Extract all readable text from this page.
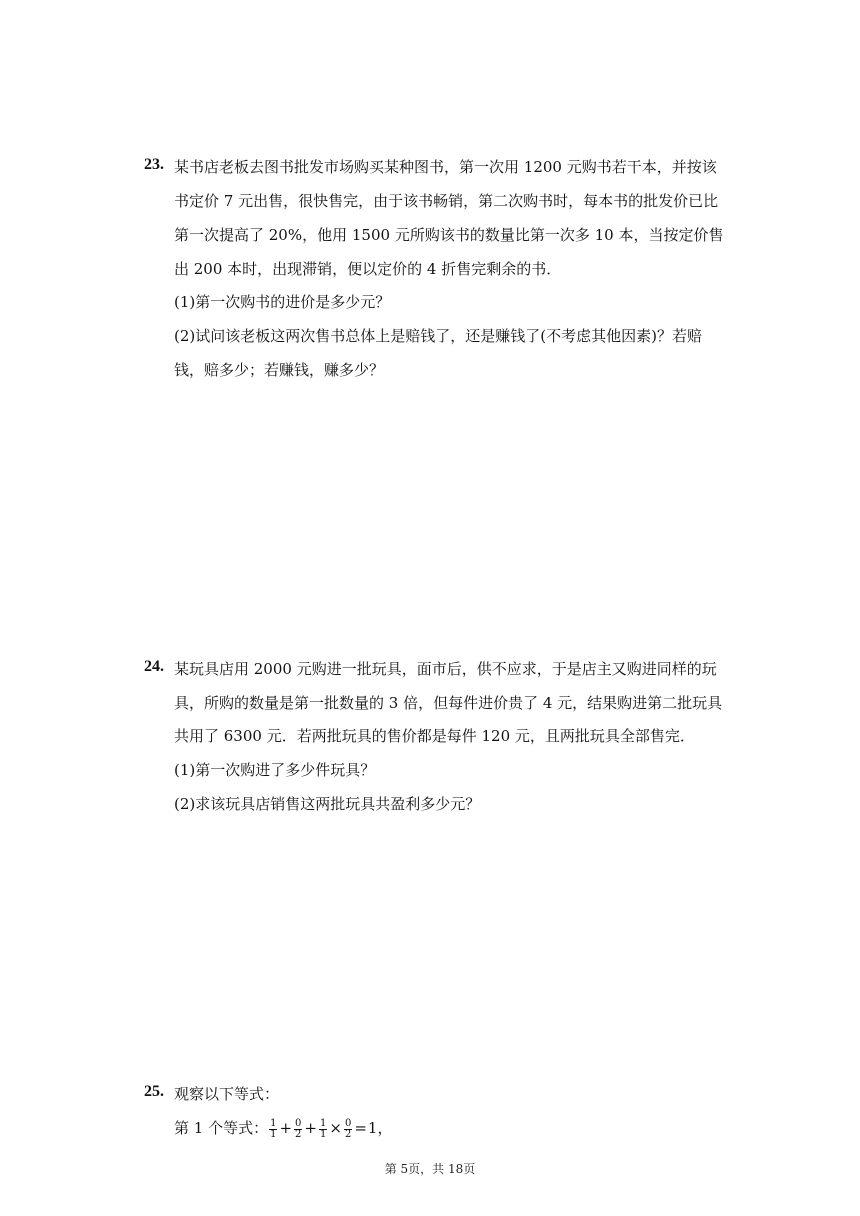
23. 某书店老板去图书批发市场购买某种图书，第一次用 1200 元购书若干本，并按该
书定价 7 元出售，很快售完，由于该书畅销，第二次购书时，每本书的批发价已比
第一次提高了 20%，他用 1500 元所购该书的数量比第一次多 10 本，当按定价售
出 200 本时，出现滞销，便以定价的 4 折售完剩余的书．
(1)第一次购书的进价是多少元？
(2)试问该老板这两次售书总体上是赔钱了，还是赚钱了(不考虑其他因素)？若赔
钱，赔多少；若赚钱，赚多少？
24. 某玩具店用 2000 元购进一批玩具，面市后，供不应求，于是店主又购进同样的玩
具，所购的数量是第一批数量的 3 倍，但每件进价贵了 4 元，结果购进第二批玩具
共用了 6300 元．若两批玩具的售价都是每件 120 元，且两批玩具全部售完．
(1)第一次购进了多少件玩具？
(2)求该玩具店销售这两批玩具共盈利多少元？
25. 观察以下等式：
第 1 个等式： $\frac{1}{1} + \frac{0}{2} + \frac{1}{1} \times \frac{0}{2} =1$，
第 5页，共 18页
